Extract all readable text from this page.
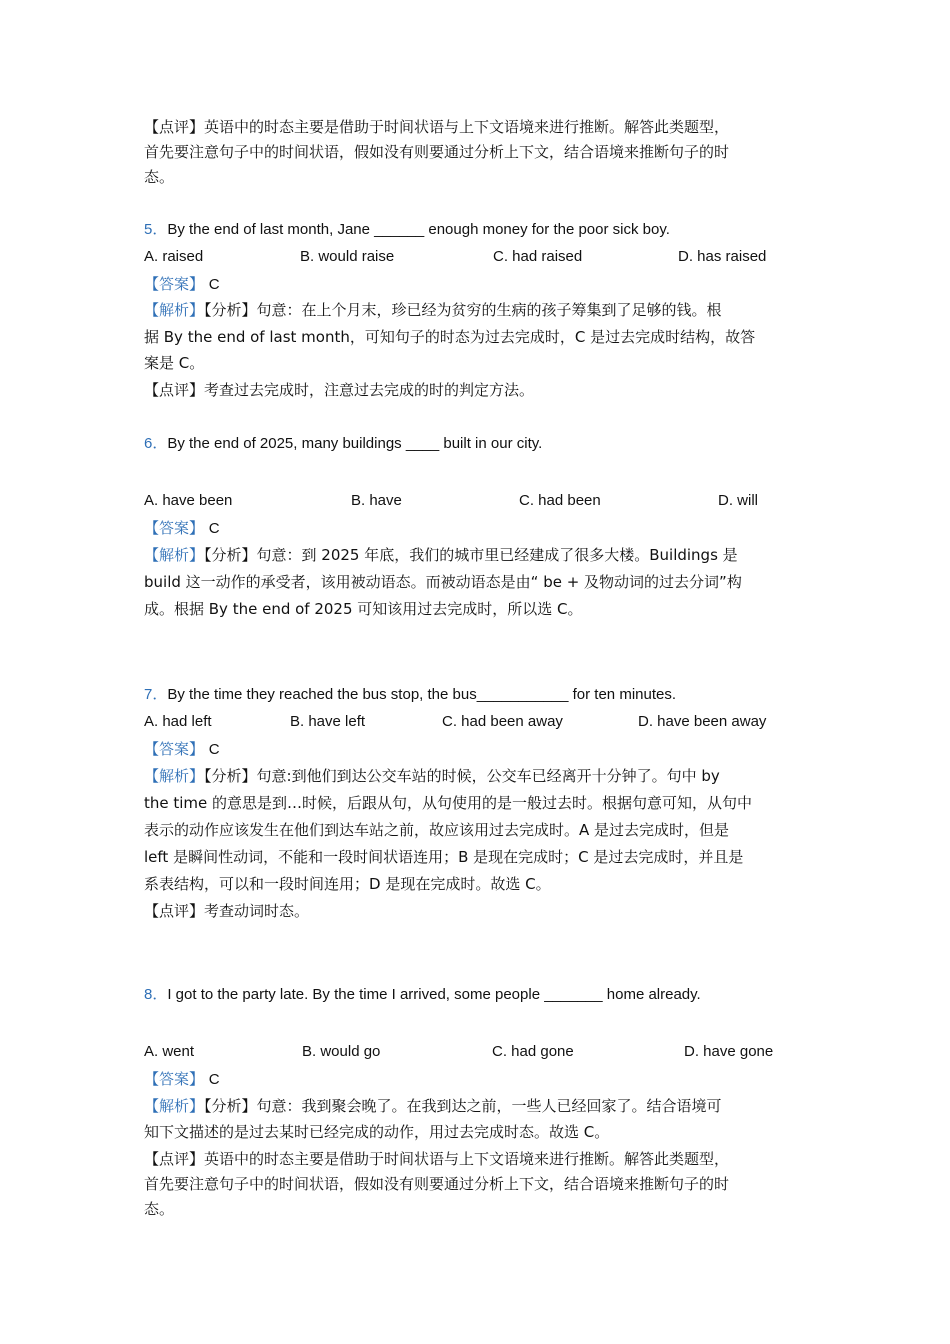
【点评】英语中的时态主要是借助于时间状语与上下文语境来进行推断。解答此类题型，
首先要注意句子中的时间状语，假如没有则要通过分析上下文，结合语境来推断句子的时
态。
5．By the end of last month, Jane ______ enough money for the poor sick boy.
A. raised	B. would raise	C. had raised	D. has raised
【答案】 C
【解析】【分析】句意：在上个月末，珍已经为贫穷的生病的孩子筹集到了足够的钱。根
据 By the end of last month，可知句子的时态为过去完成时，C 是过去完成时结构，故答
案是 C。
【点评】考查过去完成时，注意过去完成的时的判定方法。
6．By the end of 2025, many buildings ____ built in our city.
A. have been	B. have	C. had been	D. will
【答案】 C
【解析】【分析】句意：到 2025 年底，我们的城市里已经建成了很多大楼。Buildings 是
build 这一动作的承受者，该用被动语态。而被动语态是由“ be + 及物动词的过去分词”构
成。根据 By the end of 2025 可知该用过去完成时，所以选 C。
7．By the time they reached the bus stop, the bus___________ for ten minutes.
A. had left	B. have left	C. had been away	D. have been away
【答案】 C
【解析】【分析】句意:到他们到达公交车站的时候，公交车已经离开十分钟了。句中 by
the time 的意思是到…时候，后跟从句，从句使用的是一般过去时。根据句意可知，从句中
表示的动作应该发生在他们到达车站之前，故应该用过去完成时。A 是过去完成时，但是
left 是瞬间性动词，不能和一段时间状语连用；B 是现在完成时；C 是过去完成时，并且是
系表结构，可以和一段时间连用；D 是现在完成时。故选 C。
【点评】考查动词时态。
8．I got to the party late. By the time I arrived, some people _______ home already.
A. went	B. would go	C. had gone	D. have gone
【答案】 C
【解析】【分析】句意：我到聚会晚了。在我到达之前，一些人已经回家了。结合语境可
知下文描述的是过去某时已经完成的动作，用过去完成时态。故选 C。
【点评】英语中的时态主要是借助于时间状语与上下文语境来进行推断。解答此类题型，
首先要注意句子中的时间状语，假如没有则要通过分析上下文，结合语境来推断句子的时
态。
